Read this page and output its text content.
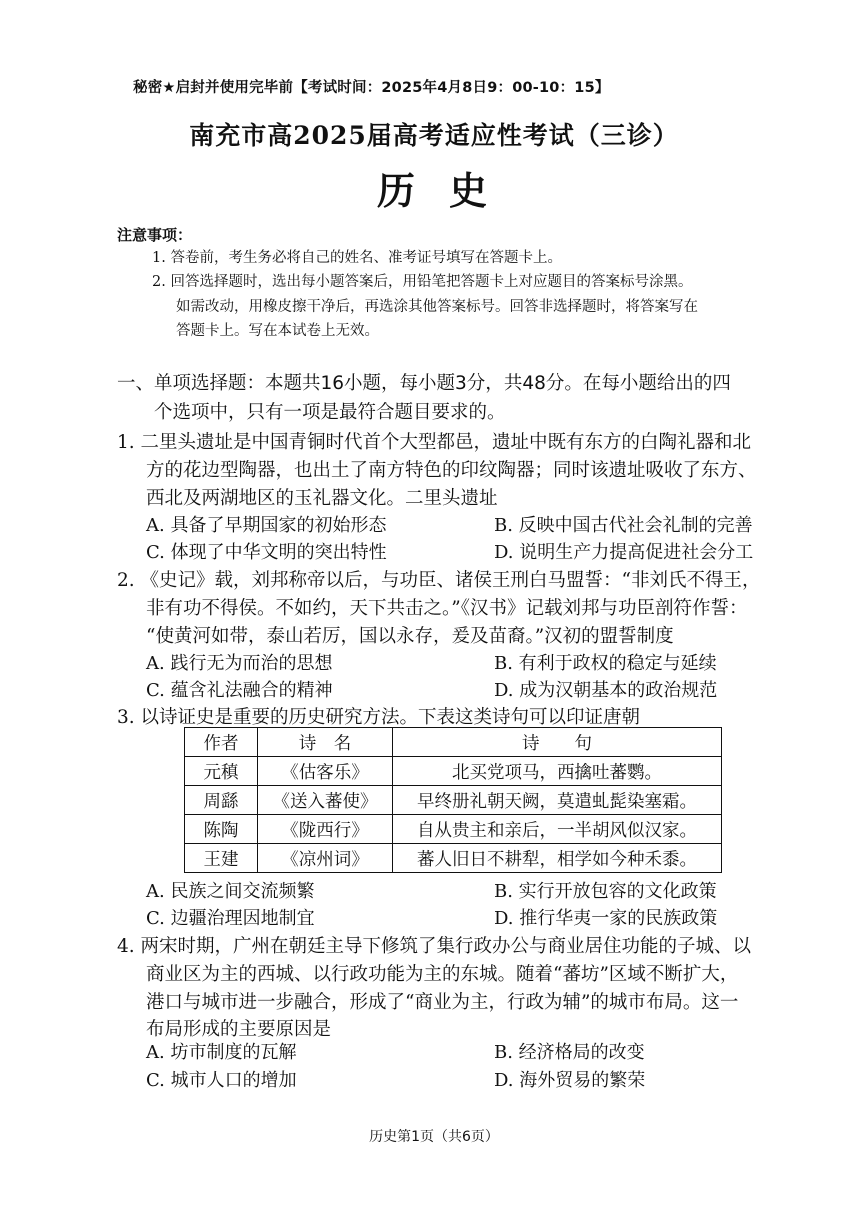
秘密★启封并使用完毕前【考试时间：2025年4月8日9：00-10：15】
南充市高2025届高考适应性考试（三诊）
历史
注意事项：
1. 答卷前，考生务必将自己的姓名、准考证号填写在答题卡上。
2. 回答选择题时，选出每小题答案后，用铅笔把答题卡上对应题目的答案标号涂黑。
如需改动，用橡皮擦干净后，再选涂其他答案标号。回答非选择题时，将答案写在
答题卡上。写在本试卷上无效。
一、单项选择题：本题共16小题，每小题3分，共48分。在每小题给出的四
个选项中，只有一项是最符合题目要求的。
1. 二里头遗址是中国青铜时代首个大型都邑，遗址中既有东方的白陶礼器和北
方的花边型陶器，也出土了南方特色的印纹陶器；同时该遗址吸收了东方、
西北及两湖地区的玉礼器文化。二里头遗址
A. 具备了早期国家的初始形态	B. 反映中国古代社会礼制的完善
C. 体现了中华文明的突出特性	D. 说明生产力提高促进社会分工
2. 《史记》载，刘邦称帝以后，与功臣、诸侯王刑白马盟誓：“非刘氏不得王，
非有功不得侯。不如约，天下共击之。”《汉书》记载刘邦与功臣剖符作誓：
“使黄河如带，泰山若厉，国以永存，爰及苗裔。”汉初的盟誓制度
A. 践行无为而治的思想	B. 有利于政权的稳定与延续
C. 蕴含礼法融合的精神	D. 成为汉朝基本的政治规范
3. 以诗证史是重要的历史研究方法。下表这类诗句可以印证唐朝
作者	诗　名	诗　　句
元稹	《估客乐》	北买党项马，西擒吐蕃鹦。
周繇	《送入蕃使》	早终册礼朝天阙，莫遣虬髭染塞霜。
陈陶	《陇西行》	自从贵主和亲后，一半胡风似汉家。
王建	《凉州词》	蕃人旧日不耕犁，相学如今种禾黍。
A. 民族之间交流频繁	B. 实行开放包容的文化政策
C. 边疆治理因地制宜	D. 推行华夷一家的民族政策
4. 两宋时期，广州在朝廷主导下修筑了集行政办公与商业居住功能的子城、以
商业区为主的西城、以行政功能为主的东城。随着“蕃坊”区域不断扩大，
港口与城市进一步融合，形成了“商业为主，行政为辅”的城市布局。这一
布局形成的主要原因是
A. 坊市制度的瓦解	B. 经济格局的改变
C. 城市人口的增加	D. 海外贸易的繁荣
历史第1页（共6页）
